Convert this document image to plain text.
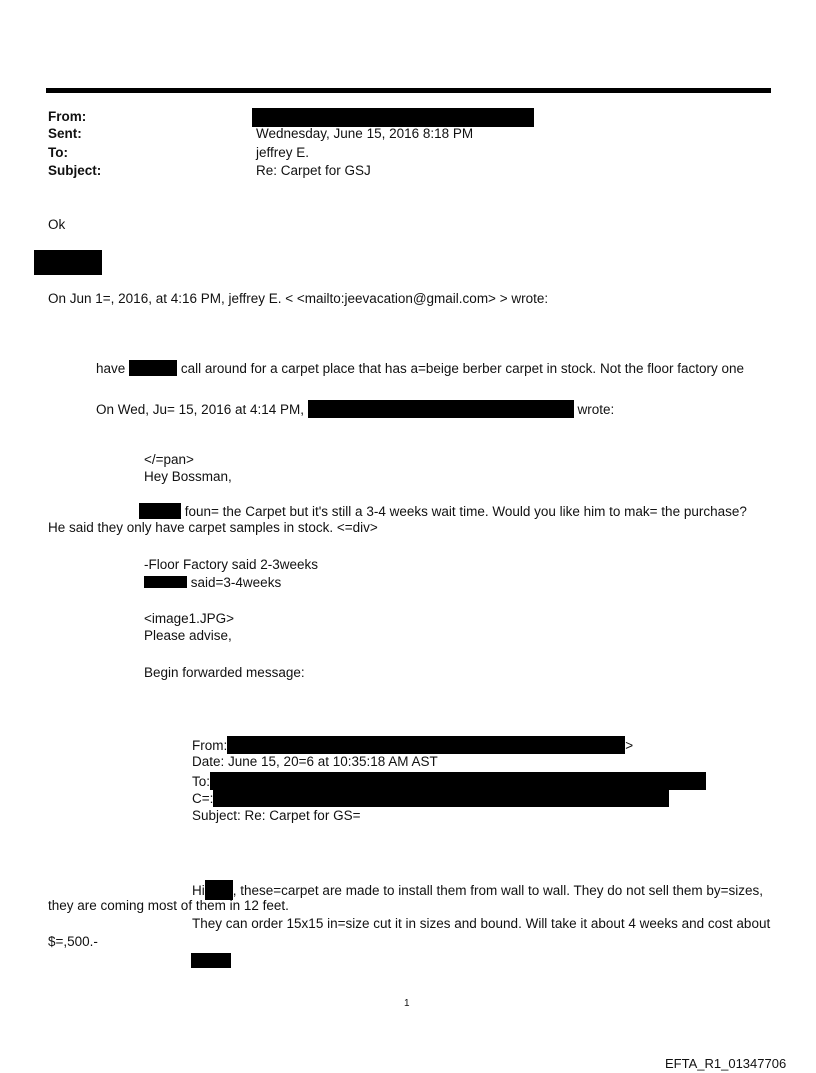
From:
Sent:	Wednesday, June 15, 2016 8:18 PM
To:	jeffrey E.
Subject:	Re: Carpet for GSJ
Ok
On Jun 1=, 2016, at 4:16 PM, jeffrey E. < <mailto:jeevacation@gmail.com> > wrote:
have	call around for a carpet place that has a=beige berber carpet in stock. Not the floor factory one
On Wed, Ju= 15, 2016 at 4:14 PM,	wrote:
</=pan>
Hey Bossman,
foun= the Carpet but it's still a 3-4 weeks wait time. Would you like him to mak= the purchase?
He said they only have carpet samples in stock. <=div>
-Floor Factory said 2-3weeks
said=3-4weeks
<image1.JPG>
Please advise,
Begin forwarded message:
From:	>
Date: June 15, 20=6 at 10:35:18 AM AST
To:
C=:
Subject: Re: Carpet for GS=
Hi , these=carpet are made to install them from wall to wall. They do not sell them by=sizes,
they are coming most of them in 12 feet.
They can order 15x15 in=size cut it in sizes and bound. Will take it about 4 weeks and cost about
$=,500.-
1
EFTA_R1_01347706
